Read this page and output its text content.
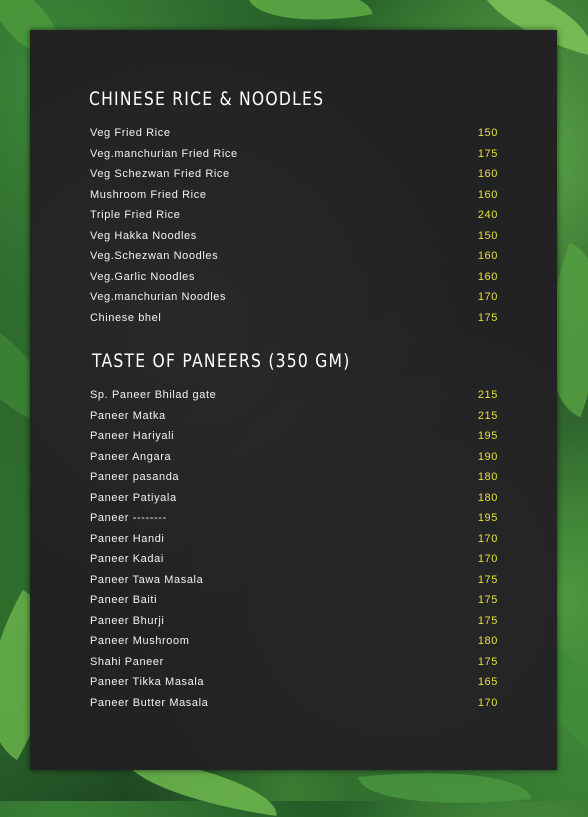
CHINESE RICE & NOODLES
Veg Fried Rice	150
Veg.manchurian Fried Rice	175
Veg Schezwan Fried Rice	160
Mushroom Fried Rice	160
Triple Fried Rice	240
Veg Hakka Noodles	150
Veg.Schezwan Noodles	160
Veg.Garlic Noodles	160
Veg.manchurian Noodles	170
Chinese bhel	175
TASTE OF PANEERS (350 GM)
Sp. Paneer Bhilad gate	215
Paneer Matka	215
Paneer Hariyali	195
Paneer Angara	190
Paneer pasanda	180
Paneer Patiyala	180
Paneer --------	195
Paneer Handi	170
Paneer Kadai	170
Paneer Tawa Masala	175
Paneer Baiti	175
Paneer Bhurji	175
Paneer Mushroom	180
Shahi Paneer	175
Paneer Tikka Masala	165
Paneer Butter Masala	170
